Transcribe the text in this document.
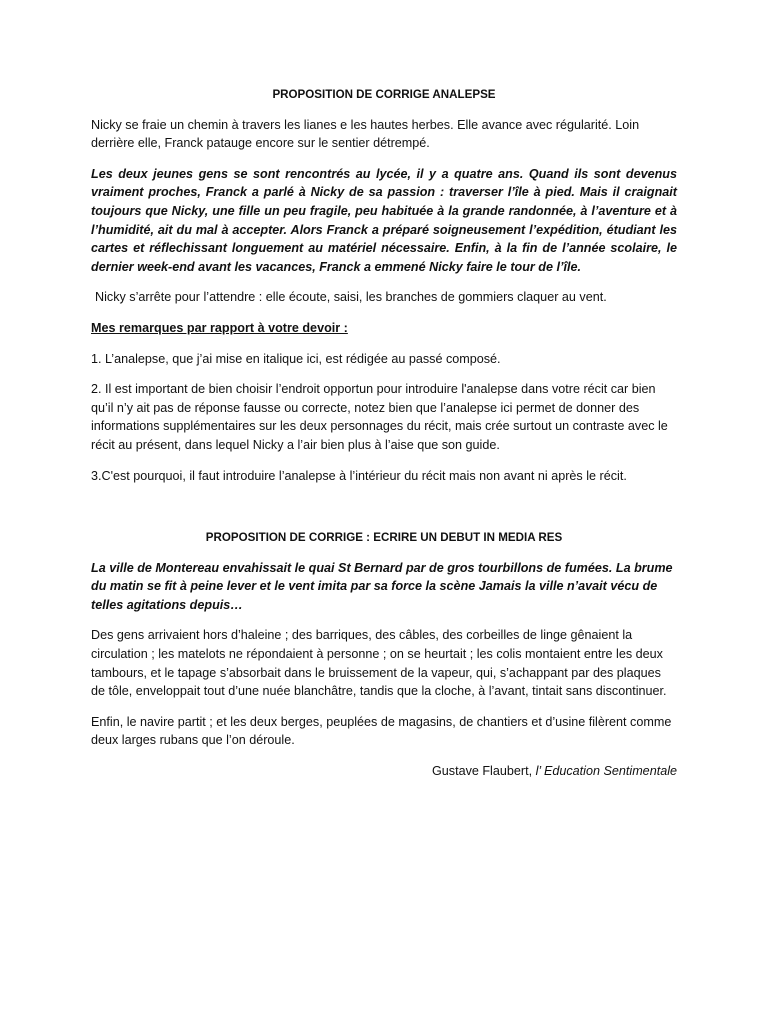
PROPOSITION DE CORRIGE ANALEPSE

Nicky se fraie un chemin à travers les lianes e les hautes herbes. Elle avance avec régularité. Loin derrière elle, Franck patauge encore sur le sentier détrempé.

Les deux jeunes gens se sont rencontrés au lycée, il y a quatre ans. Quand ils sont devenus vraiment proches, Franck a parlé à Nicky de sa passion : traverser l’île à pied. Mais il craignait toujours que Nicky, une fille un peu fragile, peu habituée à la grande randonnée, à l’aventure et à l’humidité, ait du mal à accepter. Alors Franck a préparé soigneusement l’expédition, étudiant les cartes et réflechissant longuement au matériel nécessaire. Enfin, à la fin de l’année scolaire, le dernier week-end avant les vacances, Franck a emmené Nicky faire le tour de l’île.

Nicky s’arrête pour l’attendre : elle écoute, saisi, les branches de gommiers claquer au vent.

Mes remarques par rapport à votre devoir :

1. L’analepse, que j’ai mise en italique ici, est rédigée au passé composé.

2. Il est important de bien choisir l’endroit opportun pour introduire l'analepse dans votre récit car bien qu’il n’y ait pas de réponse fausse ou correcte, notez bien que l’analepse ici permet de donner des informations supplémentaires sur les deux personnages du récit, mais crée surtout un contraste avec le récit au présent, dans lequel Nicky a l’air bien plus à l’aise que son guide.

3.C'est pourquoi, il faut introduire l’analepse à l’intérieur du récit mais non avant ni après le récit.

PROPOSITION DE CORRIGE : ECRIRE UN DEBUT IN MEDIA RES

La ville de Montereau envahissait le quai St Bernard par de gros tourbillons de fumées. La brume du matin se fit à peine lever et le vent imita par sa force la scène Jamais la ville n’avait vécu de telles agitations depuis…

Des gens arrivaient hors d’haleine ; des barriques, des câbles, des corbeilles de linge gênaient la circulation ; les matelots ne répondaient à personne ; on se heurtait ; les colis montaient entre les deux tambours, et le tapage s’absorbait dans le bruissement de la vapeur, qui, s’achappant par des plaques de tôle, enveloppait tout d’une nuée blanchâtre, tandis que la cloche, à l’avant, tintait sans discontinuer.

Enfin, le navire partit ; et les deux berges, peuplées de magasins, de chantiers et d’usine filèrent comme deux larges rubans que l’on déroule.

Gustave Flaubert, l’ Education Sentimentale
